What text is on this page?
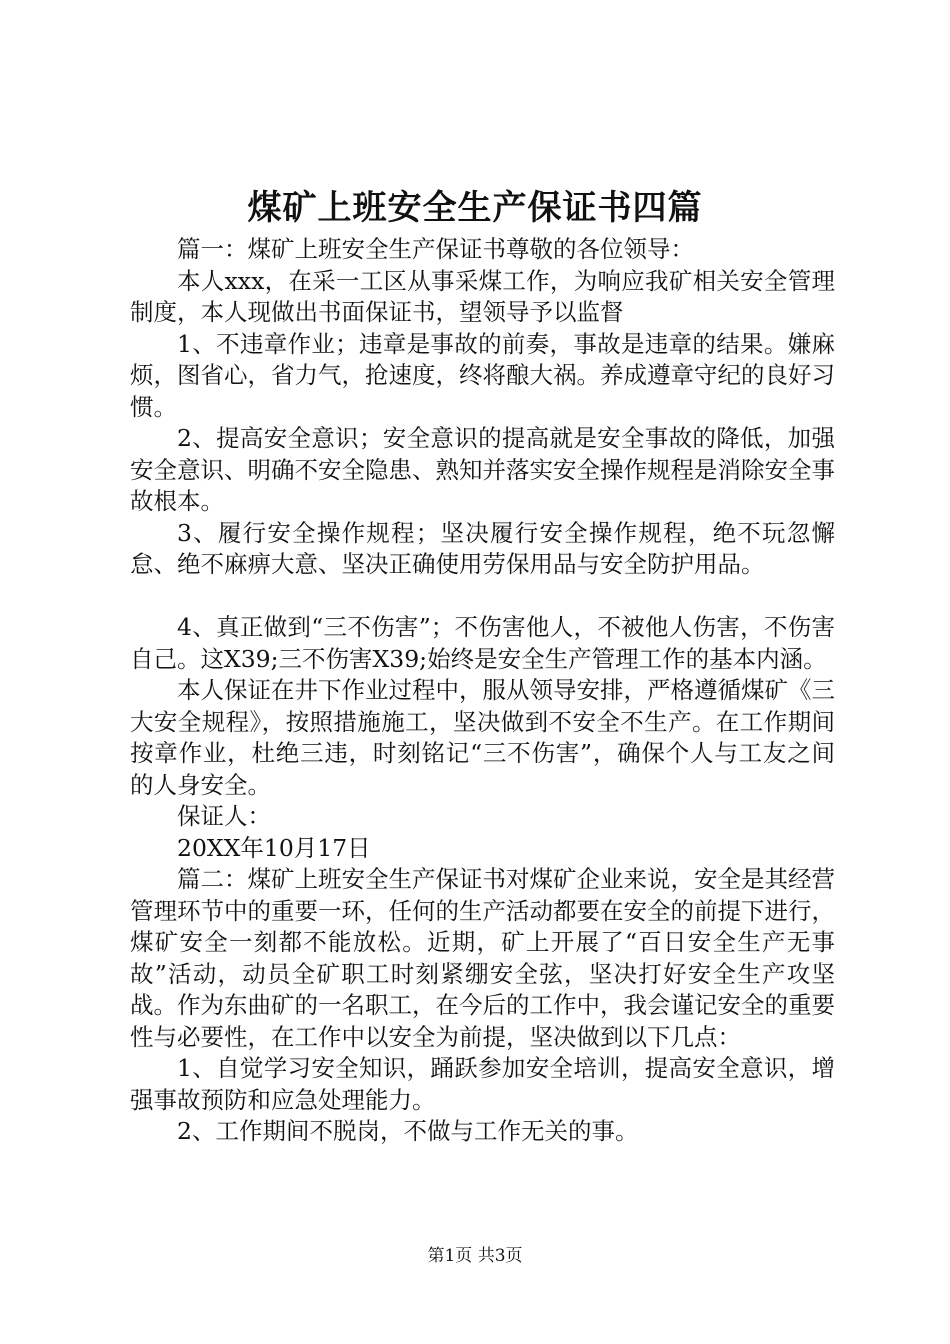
煤矿上班安全生产保证书四篇

篇一：煤矿上班安全生产保证书尊敬的各位领导：

本人xxx，在采一工区从事采煤工作，为响应我矿相关安全管理制度，本人现做出书面保证书，望领导予以监督

1、不违章作业；违章是事故的前奏，事故是违章的结果。嫌麻烦，图省心，省力气，抢速度，终将酿大祸。养成遵章守纪的良好习惯。

2、提高安全意识；安全意识的提高就是安全事故的降低，加强安全意识、明确不安全隐患、熟知并落实安全操作规程是消除安全事故根本。

3、履行安全操作规程；坚决履行安全操作规程，绝不玩忽懈怠、绝不麻痹大意、坚决正确使用劳保用品与安全防护用品。

4、真正做到“三不伤害”；不伤害他人，不被他人伤害，不伤害自己。这X39;三不伤害X39;始终是安全生产管理工作的基本内涵。

本人保证在井下作业过程中，服从领导安排，严格遵循煤矿《三大安全规程》，按照措施施工，坚决做到不安全不生产。在工作期间按章作业，杜绝三违，时刻铭记“三不伤害”，确保个人与工友之间的人身安全。

保证人：

20XX年10月17日

篇二：煤矿上班安全生产保证书对煤矿企业来说，安全是其经营管理环节中的重要一环，任何的生产活动都要在安全的前提下进行，煤矿安全一刻都不能放松。近期，矿上开展了“百日安全生产无事故”活动，动员全矿职工时刻紧绷安全弦，坚决打好安全生产攻坚战。作为东曲矿的一名职工，在今后的工作中，我会谨记安全的重要性与必要性，在工作中以安全为前提，坚决做到以下几点：

1、自觉学习安全知识，踊跃参加安全培训，提高安全意识，增强事故预防和应急处理能力。

2、工作期间不脱岗，不做与工作无关的事。

第1页 共3页
